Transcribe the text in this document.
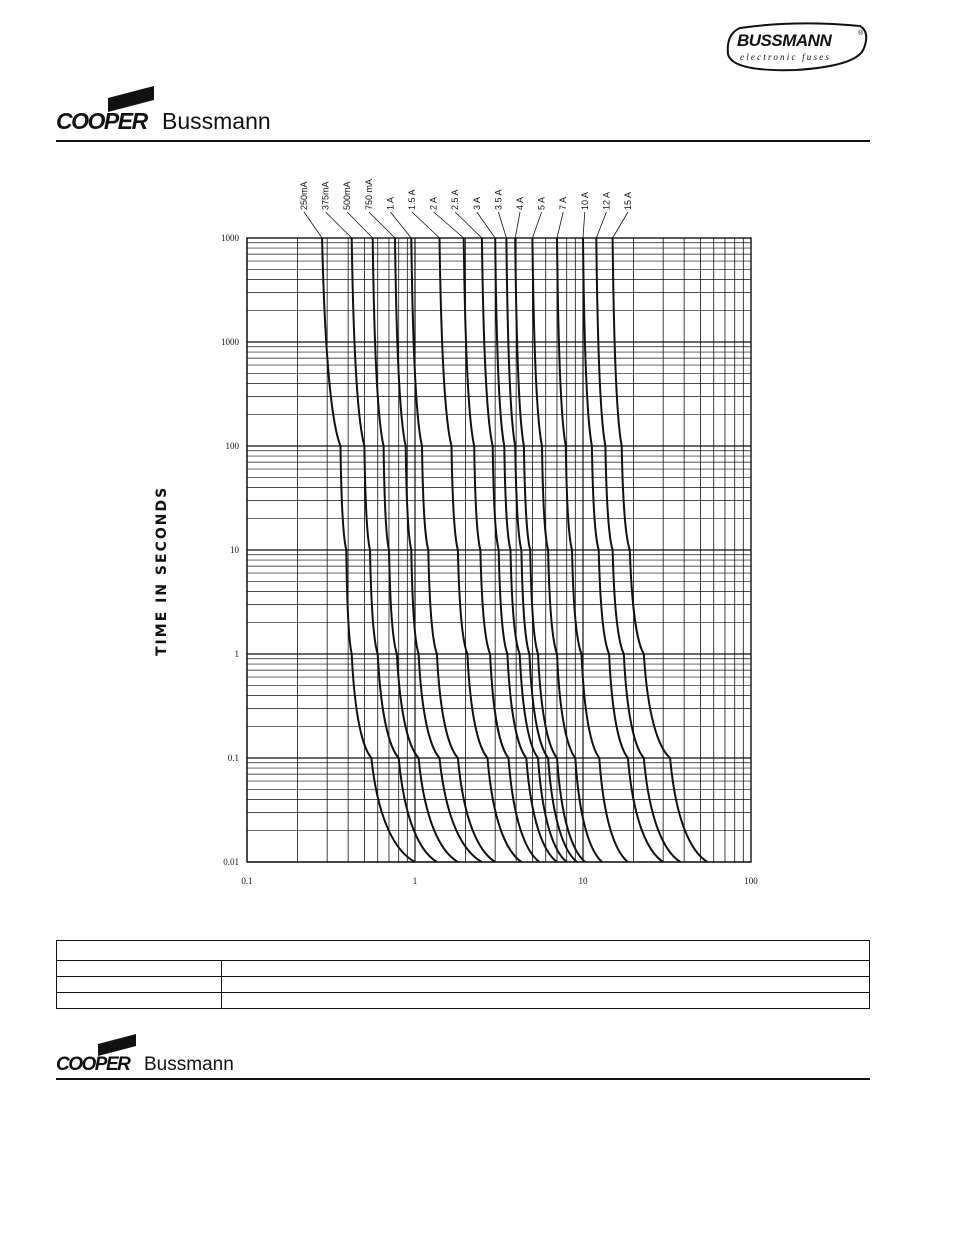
COOPER Bussmann
BUSSMANN	®
electronic fuses
TIME IN SECONDS
250mA 375mA 500mA 750 mA 1 A 1.5 A 2 A 2.5 A 3 A 3.5 A 4 A 5 A 7 A 10 A 12 A 15 A
1000
1000
100
10
1
0.1
0.01
0.1	1	10	100
COOPER Bussmann
